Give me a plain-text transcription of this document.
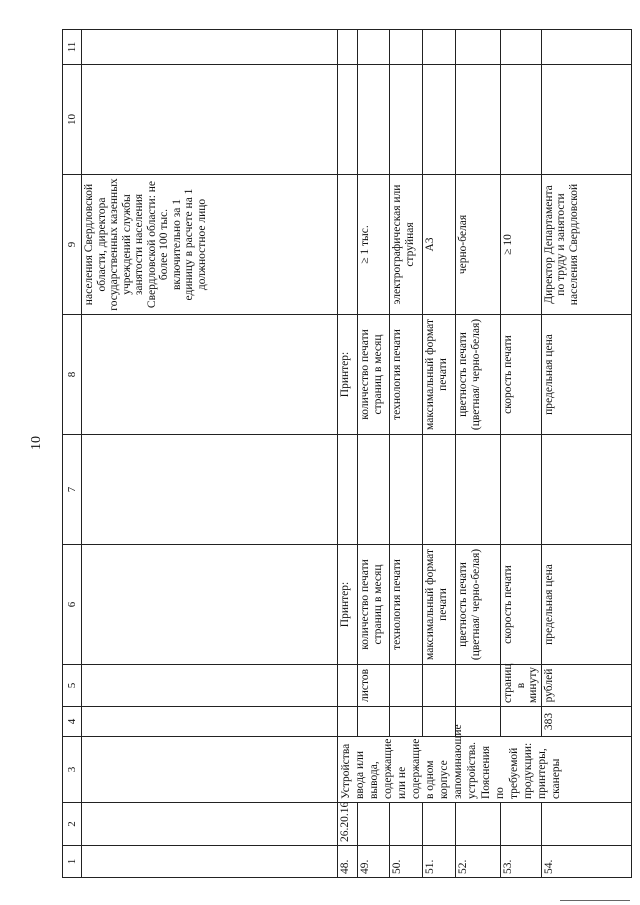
10
1	2	3	4	5	6	7	8	9	10	11
								населения Свердловской области, директора государственных казенных учреждений службы занятости населения Свердловской области: не более 100 тыс. включительно за 1 единицу в расчете на 1 должностное лицо		
48.	26.20.16	Устройства ввода или вывода, содержащие или не содержащие в одном корпусе запоминающие устройства. Пояснения по требуемой продукции: принтеры, сканеры			Принтер:		Принтер:			
49.				листов	количество печати страниц в месяц		количество печати страниц в месяц	≥ 1 тыс.		
50.					технология печати		технология печати	электрографическая или струйная		
51.					максимальный формат печати		максимальный формат печати	А3		
52.					цветность печати (цветная/ черно-белая)		цветность печати (цветная/ черно-белая)	черно-белая		
53.				страниц в минуту	скорость печати		скорость печати	≥ 10		
54.			383	рублей	предельная цена		предельная цена	Директор Департамента по труду и занятости населения Свердловской		
